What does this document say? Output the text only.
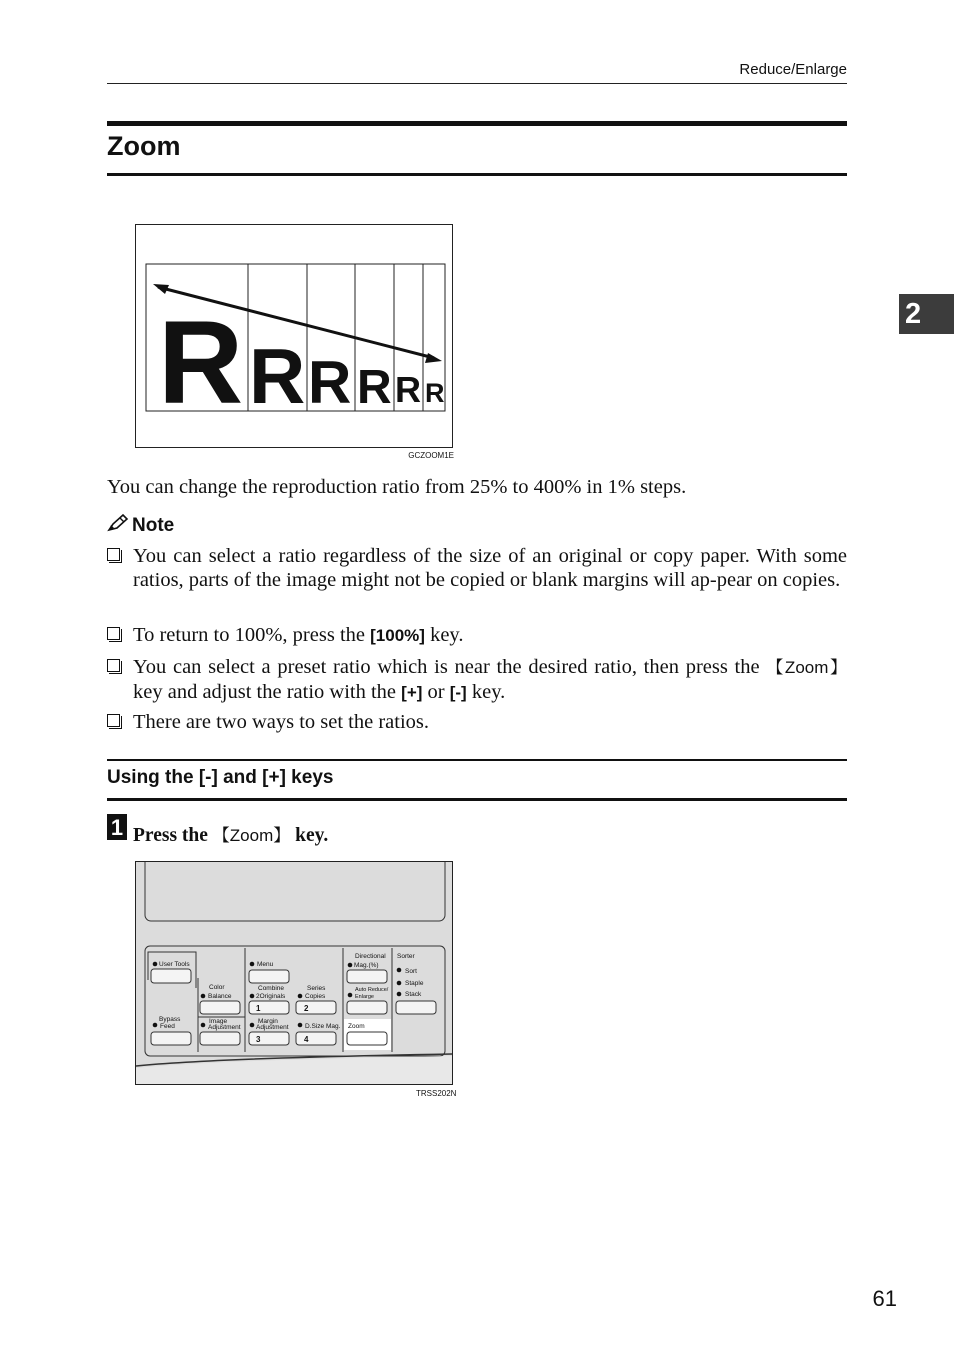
Reduce/Enlarge
2
Zoom
R R R R R R
GCZOOM1E
You can change the reproduction ratio from 25% to 400% in 1% steps.
Note
You can select a ratio regardless of the size of an original or copy paper. With some ratios, parts of the image might not be copied or blank margins will ap-pear on copies.
To return to 100%, press the [100%] key.
You can select a preset ratio which is near the desired ratio, then press the 【Zoom】 key and adjust the ratio with the [+] or [-] key.
There are two ways to set the ratios.
Using the [-] and [+] keys
1 Press the 【Zoom】 key.
User Tools
Color
Balance
Bypass
Feed
Image
Adjustment
Menu
Combine
2Originals
Series
Copies
Margin
Adjustment	D.Size Mag.
Directional
Mag.(%)
Zoom
Sorter
Sort
Staple
Stack
Auto Reduce/
Enlarge
1	2
3	4
TRSS202N
61
